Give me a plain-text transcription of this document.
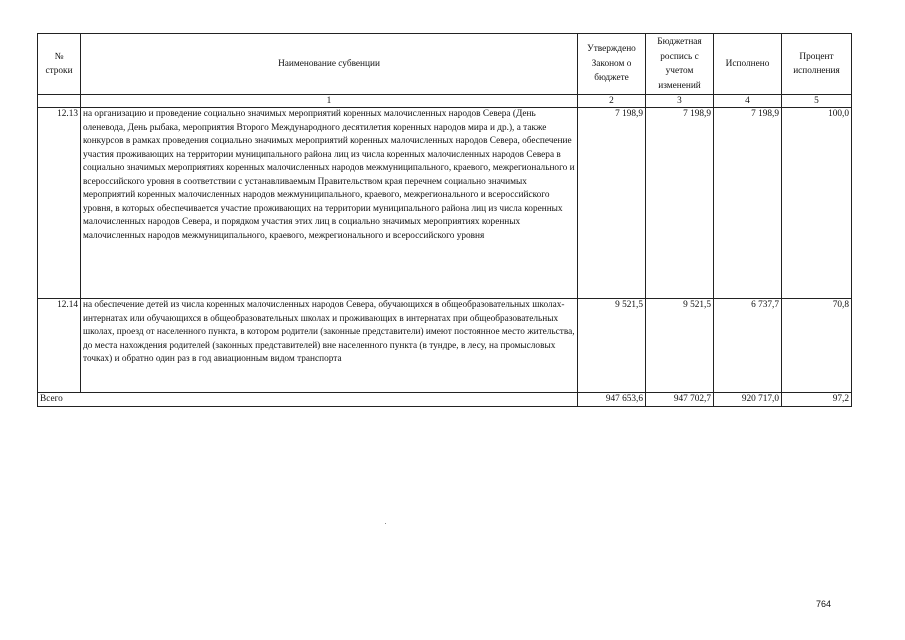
№ строки	Наименование субвенции	Утверждено Законом о бюджете	Бюджетная роспись с учетом изменений	Исполнено	Процент исполнения
	1	2	3	4	5
12.13	на организацию и проведение социально значимых мероприятий коренных малочисленных народов Севера (День оленевода, День рыбака, мероприятия Второго Международного десятилетия коренных народов мира и др.), а также конкурсов в рамках проведения социально значимых мероприятий коренных малочисленных народов Севера, обеспечение участия проживающих на территории муниципального района лиц из числа коренных малочисленных народов Севера в социально значимых мероприятиях коренных малочисленных народов межмуниципального, краевого, межрегионального и всероссийского уровня в соответствии с устанавливаемым Правительством края перечнем социально значимых мероприятий коренных малочисленных народов межмуниципального, краевого, межрегионального и всероссийского уровня, в которых обеспечивается участие проживающих на территории муниципального района лиц из числа коренных малочисленных народов Севера, и порядком участия этих лиц в социально значимых мероприятиях коренных малочисленных народов межмуниципального, краевого, межрегионального и всероссийского уровня	7 198,9	7 198,9	7 198,9	100,0
12.14	на обеспечение детей из числа коренных малочисленных народов Севера, обучающихся в общеобразовательных школах-интернатах или обучающихся в общеобразовательных школах и проживающих в интернатах при общеобразовательных школах, проезд от населенного пункта, в котором родители (законные представители) имеют постоянное место жительства, до места нахождения родителей (законных представителей) вне населенного пункта (в тундре, в лесу, на промысловых точках) и обратно один раз в год авиационным видом транспорта	9 521,5	9 521,5	6 737,7	70,8
Всего		947 653,6	947 702,7	920 717,0	97,2
764
